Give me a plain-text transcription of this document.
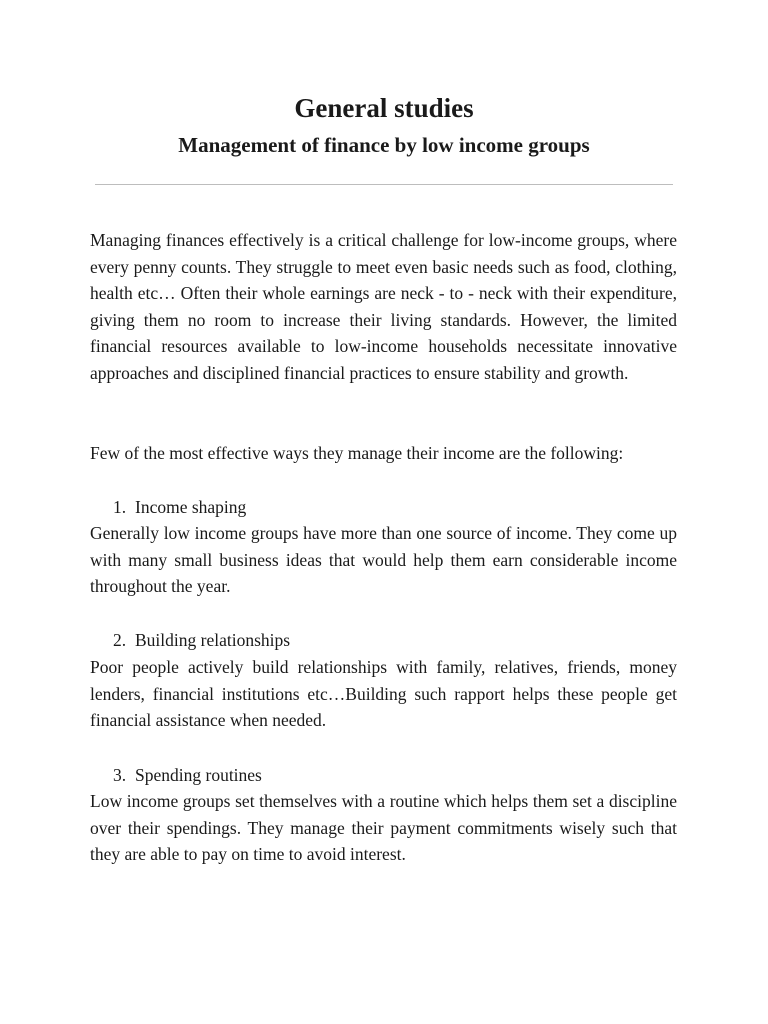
General studies
Management of finance by low income groups

Managing finances effectively is a critical challenge for low-income groups, where every penny counts. They struggle to meet even basic needs such as food, clothing, health etc… Often their whole earnings are neck - to - neck with their expenditure, giving them no room to increase their living standards. However, the limited financial resources available to low-income households necessitate innovative approaches and disciplined financial practices to ensure stability and growth.

Few of the most effective ways they manage their income are the following:

1. Income shaping

Generally low income groups have more than one source of income. They come up with many small business ideas that would help them earn considerable income throughout the year.

2. Building relationships

Poor people actively build relationships with family, relatives, friends, money lenders, financial institutions etc…Building such rapport helps these people get financial assistance when needed.

3. Spending routines

Low income groups set themselves with a routine which helps them set a discipline over their spendings. They manage their payment commitments wisely such that they are able to pay on time to avoid interest.
